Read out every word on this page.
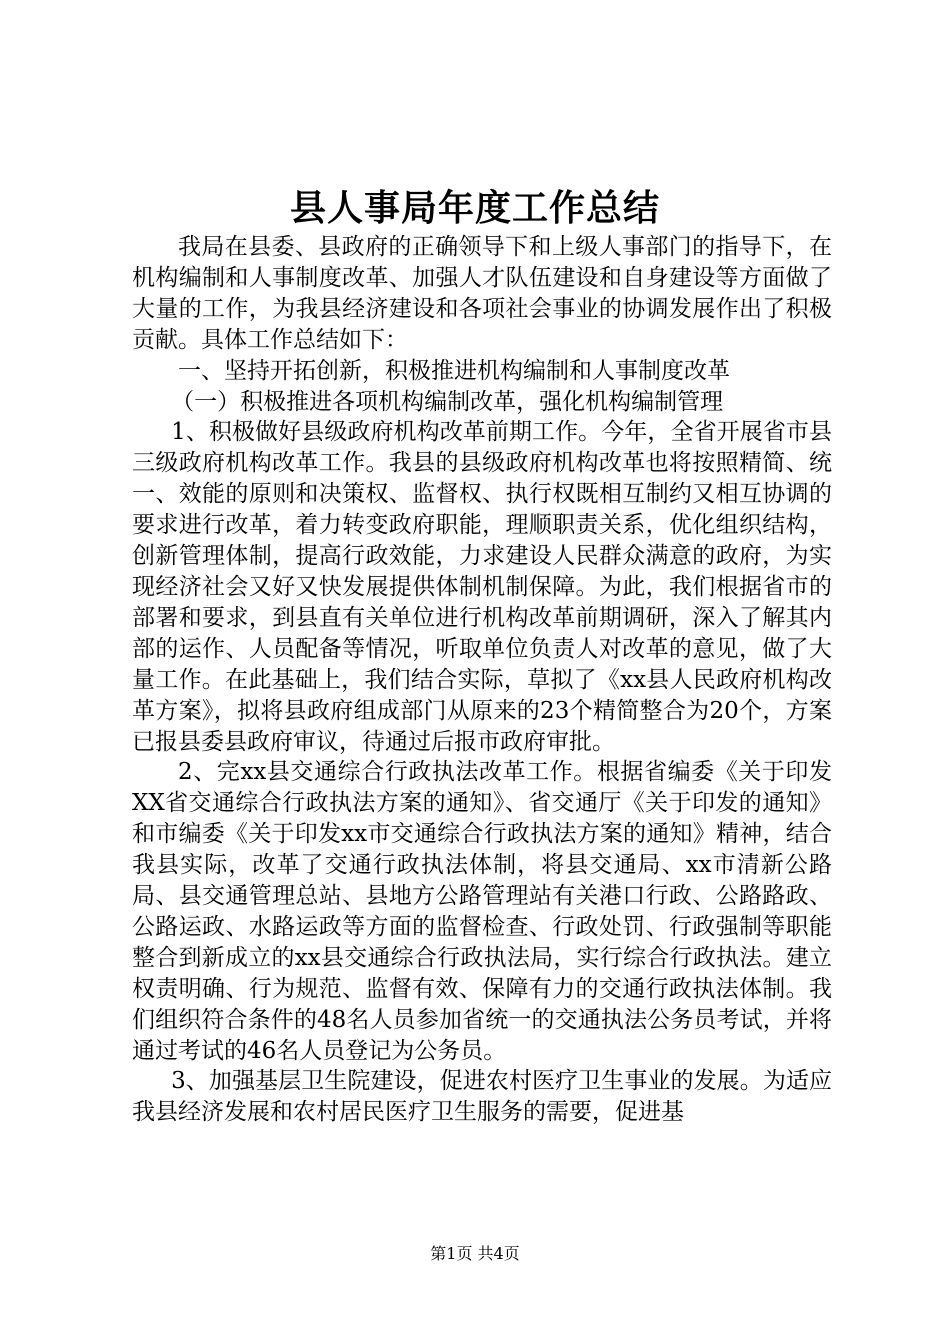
县人事局年度工作总结

我局在县委、县政府的正确领导下和上级人事部门的指导下，在机构编制和人事制度改革、加强人才队伍建设和自身建设等方面做了大量的工作，为我县经济建设和各项社会事业的协调发展作出了积极贡献。具体工作总结如下：

一、坚持开拓创新，积极推进机构编制和人事制度改革

（一）积极推进各项机构编制改革，强化机构编制管理

1、积极做好县级政府机构改革前期工作。今年，全省开展省市县三级政府机构改革工作。我县的县级政府机构改革也将按照精简、统一、效能的原则和决策权、监督权、执行权既相互制约又相互协调的要求进行改革，着力转变政府职能，理顺职责关系，优化组织结构，创新管理体制，提高行政效能，力求建设人民群众满意的政府，为实现经济社会又好又快发展提供体制机制保障。为此，我们根据省市的部署和要求，到县直有关单位进行机构改革前期调研，深入了解其内部的运作、人员配备等情况，听取单位负责人对改革的意见，做了大量工作。在此基础上，我们结合实际，草拟了《xx县人民政府机构改革方案》，拟将县政府组成部门从原来的23个精简整合为20个，方案已报县委县政府审议，待通过后报市政府审批。

2、完xx县交通综合行政执法改革工作。根据省编委《关于印发XX省交通综合行政执法方案的通知》、省交通厅《关于印发的通知》和市编委《关于印发xx市交通综合行政执法方案的通知》精神，结合我县实际，改革了交通行政执法体制，将县交通局、xx市清新公路局、县交通管理总站、县地方公路管理站有关港口行政、公路路政、公路运政、水路运政等方面的监督检查、行政处罚、行政强制等职能整合到新成立的xx县交通综合行政执法局，实行综合行政执法。建立权责明确、行为规范、监督有效、保障有力的交通行政执法体制。我们组织符合条件的48名人员参加省统一的交通执法公务员考试，并将通过考试的46名人员登记为公务员。

3、加强基层卫生院建设，促进农村医疗卫生事业的发展。为适应我县经济发展和农村居民医疗卫生服务的需要，促进基

第1页 共4页
